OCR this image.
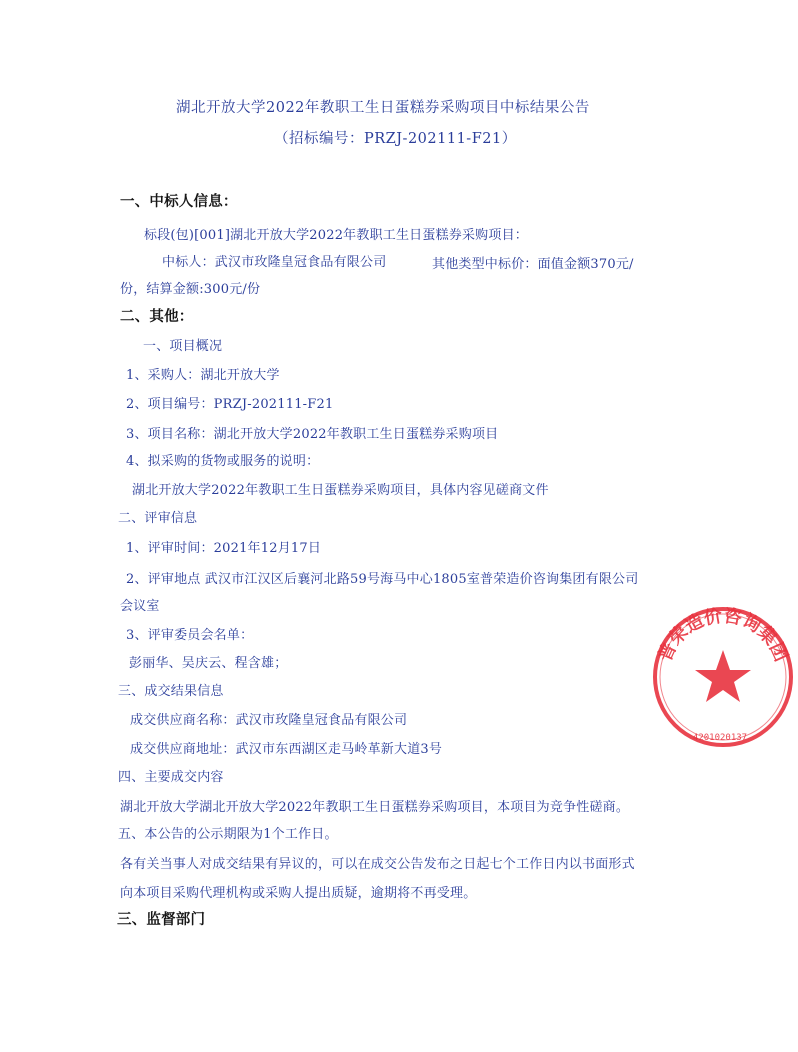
湖北开放大学2022年教职工生日蛋糕券采购项目中标结果公告
（招标编号：PRZJ-202111-F21）
一、中标人信息：
标段(包)[001]湖北开放大学2022年教职工生日蛋糕券采购项目：
中标人：武汉市玫隆皇冠食品有限公司	其他类型中标价：面值金额370元/
份，结算金额:300元/份
二、其他：
一、项目概况
1、采购人：湖北开放大学
2、项目编号：PRZJ-202111-F21
3、项目名称：湖北开放大学2022年教职工生日蛋糕券采购项目
4、拟采购的货物或服务的说明：
湖北开放大学2022年教职工生日蛋糕券采购项目，具体内容见磋商文件
二、评审信息
1、评审时间：2021年12月17日
2、评审地点 武汉市江汉区后襄河北路59号海马中心1805室普荣造价咨询集团有限公司
会议室
3、评审委员会名单：
彭丽华、吴庆云、程含雄；
三、成交结果信息
成交供应商名称：武汉市玫隆皇冠食品有限公司
成交供应商地址：武汉市东西湖区走马岭革新大道3号
四、主要成交内容
湖北开放大学湖北开放大学2022年教职工生日蛋糕券采购项目，本项目为竞争性磋商。
五、本公告的公示期限为1个工作日。
各有关当事人对成交结果有异议的，可以在成交公告发布之日起七个工作日内以书面形式
向本项目采购代理机构或采购人提出质疑，逾期将不再受理。
三、监督部门
普荣造价咨询集团
4201020137
